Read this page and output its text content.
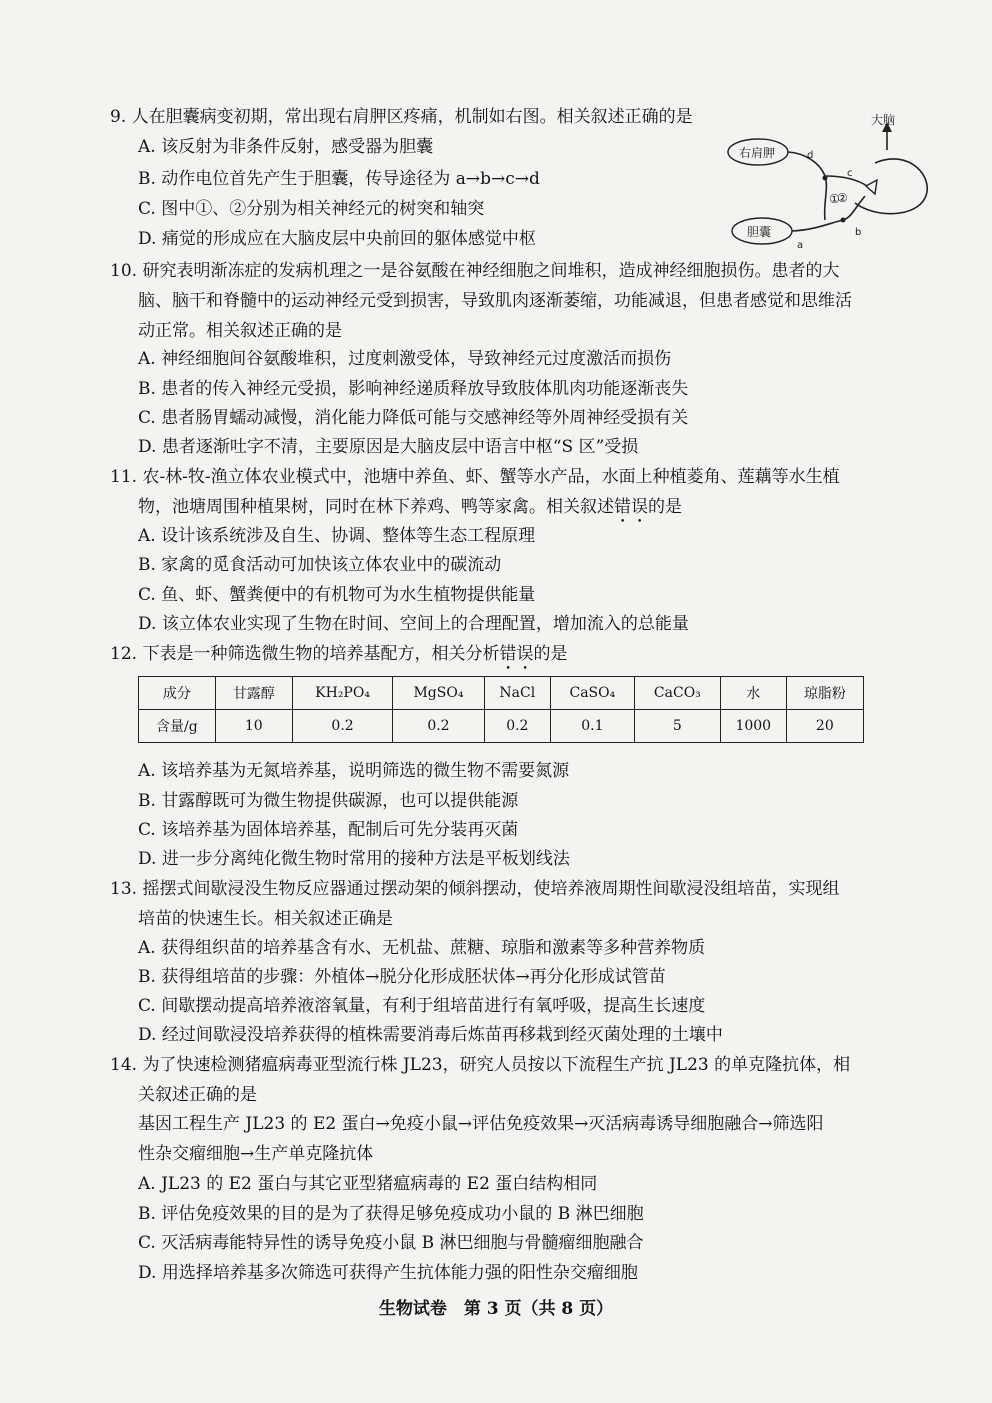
9. 人在胆囊病变初期，常出现右肩胛区疼痛，机制如右图。相关叙述正确的是
A. 该反射为非条件反射，感受器为胆囊
B. 动作电位首先产生于胆囊，传导途径为 a→b→c→d
C. 图中①、②分别为相关神经元的树突和轴突
D. 痛觉的形成应在大脑皮层中央前回的躯体感觉中枢
大脑
右肩胛
胆囊
a
b
c
d
①
②
10. 研究表明渐冻症的发病机理之一是谷氨酸在神经细胞之间堆积，造成神经细胞损伤。患者的大
脑、脑干和脊髓中的运动神经元受到损害，导致肌肉逐渐萎缩，功能减退，但患者感觉和思维活
动正常。相关叙述正确的是
A. 神经细胞间谷氨酸堆积，过度刺激受体，导致神经元过度激活而损伤
B. 患者的传入神经元受损，影响神经递质释放导致肢体肌肉功能逐渐丧失
C. 患者肠胃蠕动减慢，消化能力降低可能与交感神经等外周神经受损有关
D. 患者逐渐吐字不清，主要原因是大脑皮层中语言中枢“S 区”受损
11. 农-林-牧-渔立体农业模式中，池塘中养鱼、虾、蟹等水产品，水面上种植菱角、莲藕等水生植
物，池塘周围种植果树，同时在林下养鸡、鸭等家禽。相关叙述错误的是
A. 设计该系统涉及自生、协调、整体等生态工程原理
B. 家禽的觅食活动可加快该立体农业中的碳流动
C. 鱼、虾、蟹粪便中的有机物可为水生植物提供能量
D. 该立体农业实现了生物在时间、空间上的合理配置，增加流入的总能量
12. 下表是一种筛选微生物的培养基配方，相关分析错误的是
成分	甘露醇	KH₂PO₄	MgSO₄	NaCl	CaSO₄	CaCO₃	水	琼脂粉
含量/g	10	0.2	0.2	0.2	0.1	5	1000	20
A. 该培养基为无氮培养基，说明筛选的微生物不需要氮源
B. 甘露醇既可为微生物提供碳源，也可以提供能源
C. 该培养基为固体培养基，配制后可先分装再灭菌
D. 进一步分离纯化微生物时常用的接种方法是平板划线法
13. 摇摆式间歇浸没生物反应器通过摆动架的倾斜摆动，使培养液周期性间歇浸没组培苗，实现组
培苗的快速生长。相关叙述正确是
A. 获得组织苗的培养基含有水、无机盐、蔗糖、琼脂和激素等多种营养物质
B. 获得组培苗的步骤：外植体→脱分化形成胚状体→再分化形成试管苗
C. 间歇摆动提高培养液溶氧量，有利于组培苗进行有氧呼吸，提高生长速度
D. 经过间歇浸没培养获得的植株需要消毒后炼苗再移栽到经灭菌处理的土壤中
14. 为了快速检测猪瘟病毒亚型流行株 JL23，研究人员按以下流程生产抗 JL23 的单克隆抗体，相
关叙述正确的是
基因工程生产 JL23 的 E2 蛋白→免疫小鼠→评估免疫效果→灭活病毒诱导细胞融合→筛选阳
性杂交瘤细胞→生产单克隆抗体
A. JL23 的 E2 蛋白与其它亚型猪瘟病毒的 E2 蛋白结构相同
B. 评估免疫效果的目的是为了获得足够免疫成功小鼠的 B 淋巴细胞
C. 灭活病毒能特异性的诱导免疫小鼠 B 淋巴细胞与骨髓瘤细胞融合
D. 用选择培养基多次筛选可获得产生抗体能力强的阳性杂交瘤细胞
生物试卷　第 3 页（共 8 页）
